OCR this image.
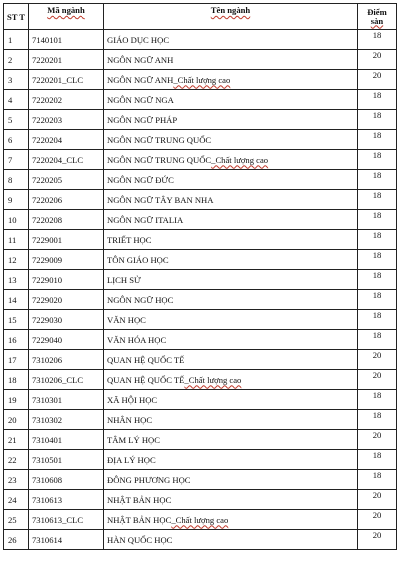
ST T	Mã ngành	Tên ngành	Điểm
sàn
1	7140101	GIÁO DỤC HỌC	18
2	7220201	NGÔN NGỮ ANH	20
3	7220201_CLC	NGÔN NGỮ ANH_Chất lượng cao	20
4	7220202	NGÔN NGỮ NGA	18
5	7220203	NGÔN NGỮ PHÁP	18
6	7220204	NGÔN NGỮ TRUNG QUỐC	18
7	7220204_CLC	NGÔN NGỮ TRUNG QUỐC_Chất lượng cao	18
8	7220205	NGÔN NGỮ ĐỨC	18
9	7220206	NGÔN NGỮ TÂY BAN NHA	18
10	7220208	NGÔN NGỮ ITALIA	18
11	7229001	TRIẾT HỌC	18
12	7229009	TÔN GIÁO HỌC	18
13	7229010	LỊCH SỬ	18
14	7229020	NGÔN NGỮ HỌC	18
15	7229030	VĂN HỌC	18
16	7229040	VĂN HÓA HỌC	18
17	7310206	QUAN HỆ QUỐC TẾ	20
18	7310206_CLC	QUAN HỆ QUỐC TẾ_Chất lượng cao	20
19	7310301	XÃ HỘI HỌC	18
20	7310302	NHÂN HỌC	18
21	7310401	TÂM LÝ HỌC	20
22	7310501	ĐỊA LÝ HỌC	18
23	7310608	ĐÔNG PHƯƠNG HỌC	18
24	7310613	NHẬT BẢN HỌC	20
25	7310613_CLC	NHẬT BẢN HỌC_Chất lượng cao	20
26	7310614	HÀN QUỐC HỌC	20
